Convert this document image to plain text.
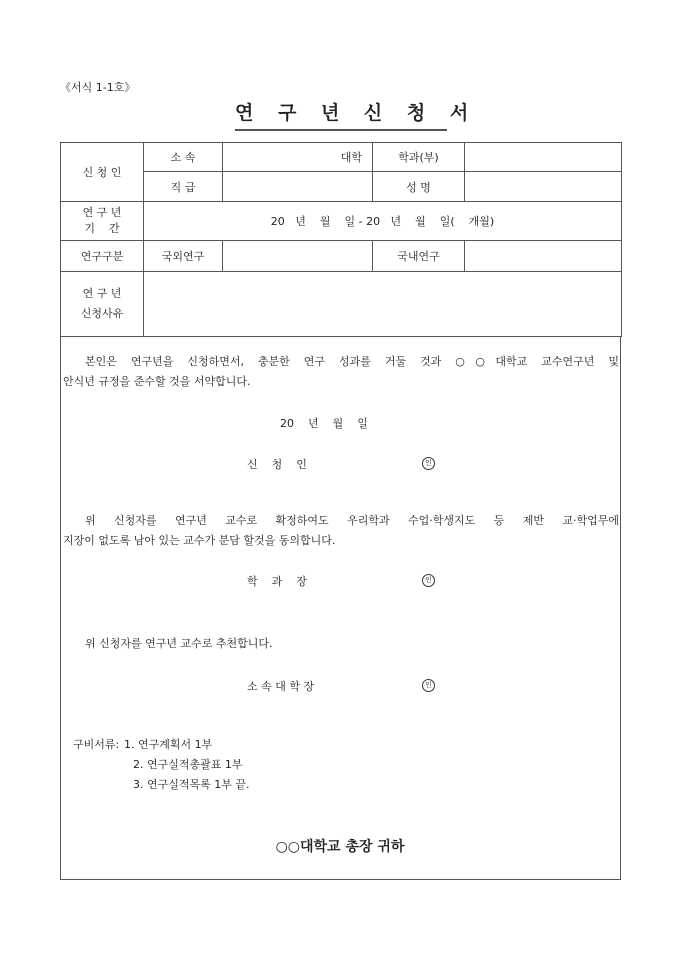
《서식 1-1호》
연 구 년 신 청 서
신 청 인	소 속	대학	학과(부)	
	직 급		성 명	

연 구 년
기    간	20   년    월    일 - 20   년    월    일(    개월)			
연구구분	국외연구		국내연구	

연 구 년
신청사유				

본인은 연구년을 신청하면서, 충분한 연구 성과를 거둘 것과 ○○대학교 교수연구년 및

안식년 규정을 준수할 것을 서약합니다.

20    년    월    일
신    청    인	인

위 신청자를 연구년 교수로 확정하여도 우리학과 수업·학생지도 등 제반 교·학업무에

지장이 없도록 남아 있는 교수가 분담 할것을 동의합니다.

학    과    장	인
위 신청자를 연구년 교수로 추천합니다.
소 속 대 학 장	인
구비서류: 1. 연구계획서 1부
2. 연구실적총괄표 1부
3. 연구실적목록 1부 끝.
○○대학교 총장 귀하
